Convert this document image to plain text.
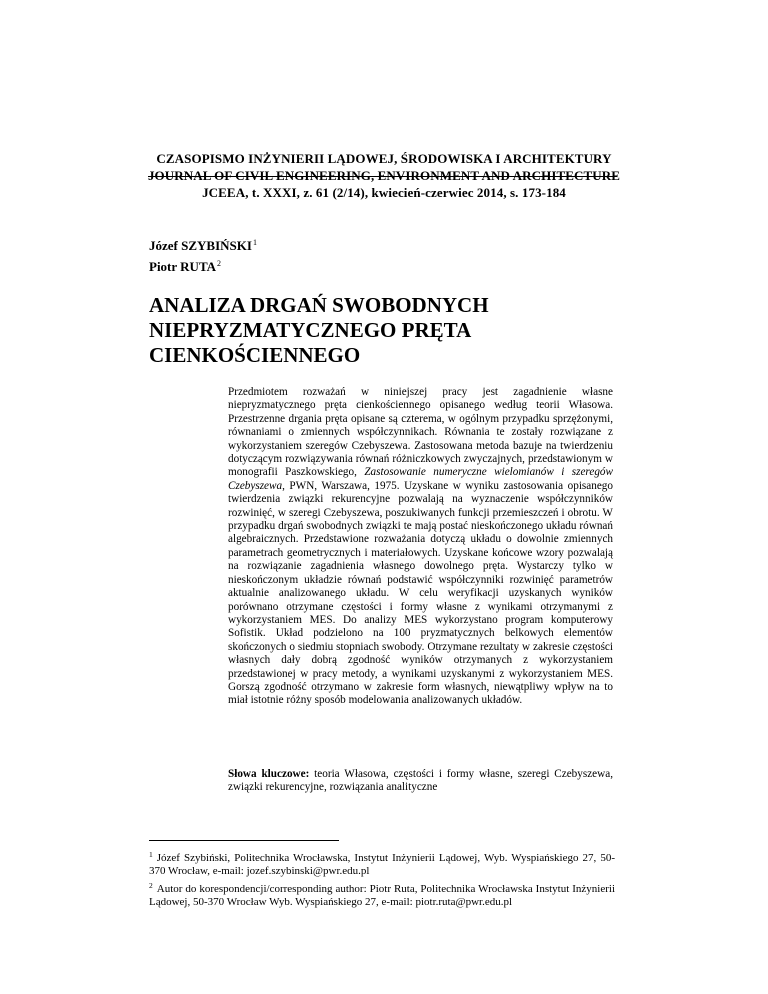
CZASOPISMO INŻYNIERII LĄDOWEJ, ŚRODOWISKA I ARCHITEKTURY
JOURNAL OF CIVIL ENGINEERING, ENVIRONMENT AND ARCHITECTURE
JCEEA, t. XXXI, z. 61 (2/14), kwiecień-czerwiec 2014, s. 173-184
Józef SZYBIŃSKI$^1$
Piotr RUTA$^2$
ANALIZA DRGAŃ SWOBODNYCH
NIEPRYZMATYCZNEGO PRĘTA
CIENKOŚCIENNEGO

Przedmiotem rozważań w niniejszej pracy jest zagadnienie własne niepryzmatycznego pręta cienkościennego opisanego według teorii Własowa. Przestrzenne drgania pręta opisane są czterema, w ogólnym przypadku sprzężonymi, równaniami o zmiennych współczynnikach. Równania te zostały rozwiązane z wykorzystaniem szeregów Czebyszewa. Zastosowana metoda bazuje na twierdzeniu dotyczącym rozwiązywania równań różniczkowych zwyczajnych, przedstawionym w monografii Paszkowskiego, Zastosowanie numeryczne wielomianów i szeregów Czebyszewa, PWN, Warszawa, 1975. Uzyskane w wyniku zastosowania opisanego twierdzenia związki rekurencyjne pozwalają na wyznaczenie współczynników rozwinięć, w szeregi Czebyszewa, poszukiwanych funkcji przemieszczeń i obrotu. W przypadku drgań swobodnych związki te mają postać nieskończonego układu równań algebraicznych. Przedstawione rozważania dotyczą układu o dowolnie zmiennych parametrach geometrycznych i materiałowych. Uzyskane końcowe wzory pozwalają na rozwiązanie zagadnienia własnego dowolnego pręta. Wystarczy tylko w nieskończonym układzie równań podstawić współczynniki rozwinięć parametrów aktualnie analizowanego układu. W celu weryfikacji uzyskanych wyników porównano otrzymane częstości i formy własne z wynikami otrzymanymi z wykorzystaniem MES. Do analizy MES wykorzystano program komputerowy Sofistik. Układ podzielono na 100 pryzmatycznych belkowych elementów skończonych o siedmiu stopniach swobody. Otrzymane rezultaty w zakresie częstości własnych dały dobrą zgodność wyników otrzymanych z wykorzystaniem przedstawionej w pracy metody, a wynikami uzyskanymi z wykorzystaniem MES. Gorszą zgodność otrzymano w zakresie form własnych, niewątpliwy wpływ na to miał istotnie różny sposób modelowania analizowanych układów.

Słowa kluczowe: teoria Własowa, częstości i formy własne, szeregi Czebyszewa, związki rekurencyjne, rozwiązania analityczne

$^1$ Józef Szybiński, Politechnika Wrocławska, Instytut Inżynierii Lądowej, Wyb. Wyspiańskiego 27, 50-370 Wrocław, e-mail: jozef.szybinski@pwr.edu.pl

$^2$ Autor do korespondencji/corresponding author: Piotr Ruta, Politechnika Wrocławska Instytut Inżynierii Lądowej, 50-370 Wrocław Wyb. Wyspiańskiego 27, e-mail: piotr.ruta@pwr.edu.pl
